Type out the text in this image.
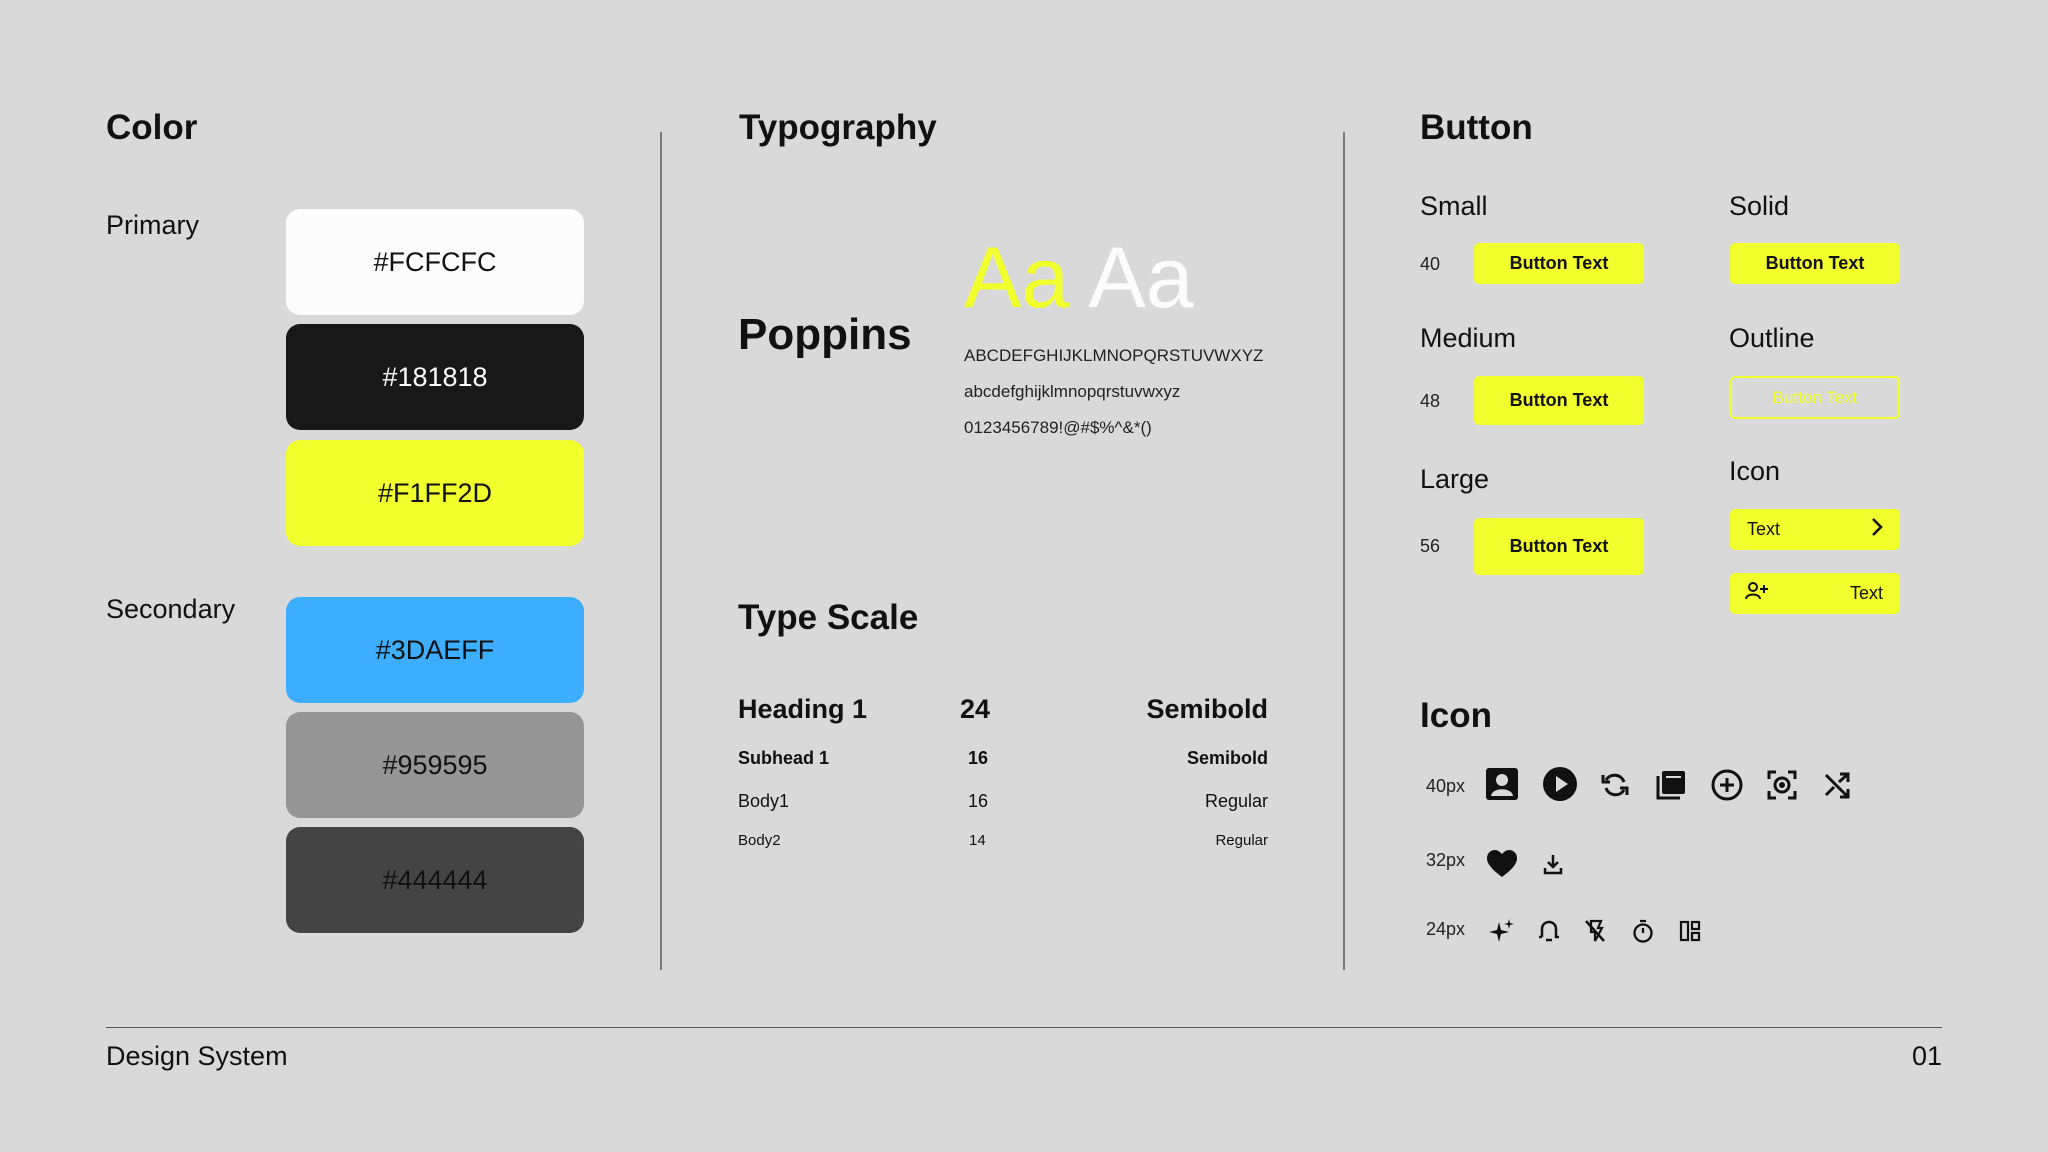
Color
Primary
Secondary
#FCFCFC
#181818
#F1FF2D
#3DAEFF
#959595
#444444
Typography
Poppins
Aa Aa
ABCDEFGHIJKLMNOPQRSTUVWXYZ
abcdefghijklmnopqrstuvwxyz
0123456789!@#$%^&*()
Type Scale
Heading 1	24	Semibold
Subhead 1	16	Semibold
Body1	16	Regular
Body2	14	Regular
Button
Small
40	Button Text
Medium
48	Button Text
Large
56	Button Text
Solid
Button Text
Outline
Button Text
Icon
Text
Text
Icon
40px
32px
24px
Design System	01
